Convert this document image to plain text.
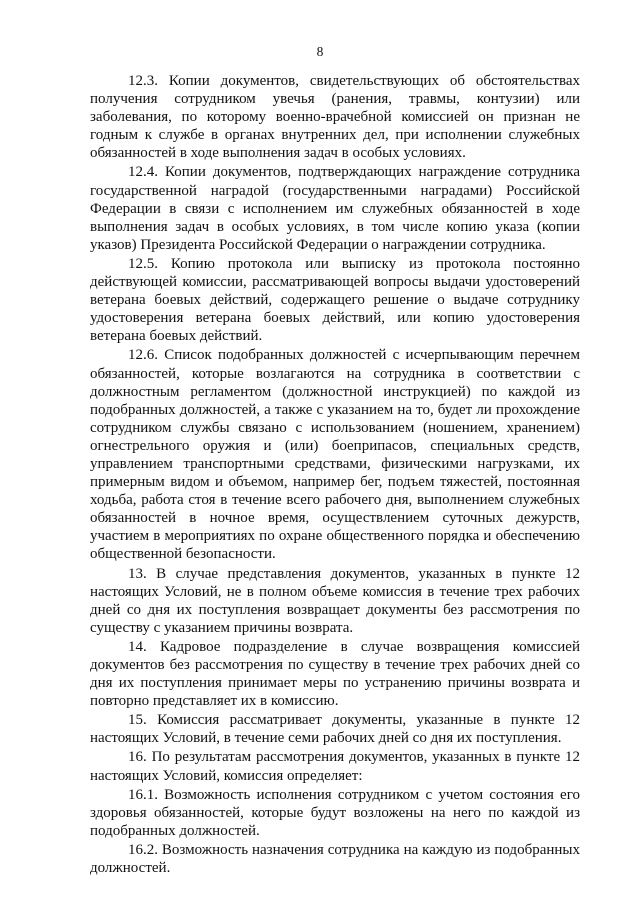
8

12.3. Копии документов, свидетельствующих об обстоятельствах получения сотрудником увечья (ранения, травмы, контузии) или заболевания, по которому военно-врачебной комиссией он признан не годным к службе в органах внутренних дел, при исполнении служебных обязанностей в ходе выполнения задач в особых условиях.

12.4. Копии документов, подтверждающих награждение сотрудника государственной наградой (государственными наградами) Российской Федерации в связи с исполнением им служебных обязанностей в ходе выполнения задач в особых условиях, в том числе копию указа (копии указов) Президента Российской Федерации о награждении сотрудника.

12.5. Копию протокола или выписку из протокола постоянно действующей комиссии, рассматривающей вопросы выдачи удостоверений ветерана боевых действий, содержащего решение о выдаче сотруднику удостоверения ветерана боевых действий, или копию удостоверения ветерана боевых действий.

12.6. Список подобранных должностей с исчерпывающим перечнем обязанностей, которые возлагаются на сотрудника в соответствии с должностным регламентом (должностной инструкцией) по каждой из подобранных должностей, а также с указанием на то, будет ли прохождение сотрудником службы связано с использованием (ношением, хранением) огнестрельного оружия и (или) боеприпасов, специальных средств, управлением транспортными средствами, физическими нагрузками, их примерным видом и объемом, например бег, подъем тяжестей, постоянная ходьба, работа стоя в течение всего рабочего дня, выполнением служебных обязанностей в ночное время, осуществлением суточных дежурств, участием в мероприятиях по охране общественного порядка и обеспечению общественной безопасности.

13. В случае представления документов, указанных в пункте 12 настоящих Условий, не в полном объеме комиссия в течение трех рабочих дней со дня их поступления возвращает документы без рассмотрения по существу с указанием причины возврата.

14. Кадровое подразделение в случае возвращения комиссией документов без рассмотрения по существу в течение трех рабочих дней со дня их поступления принимает меры по устранению причины возврата и повторно представляет их в комиссию.

15. Комиссия рассматривает документы, указанные в пункте 12 настоящих Условий, в течение семи рабочих дней со дня их поступления.

16. По результатам рассмотрения документов, указанных в пункте 12 настоящих Условий, комиссия определяет:

16.1. Возможность исполнения сотрудником с учетом состояния его здоровья обязанностей, которые будут возложены на него по каждой из подобранных должностей.

16.2. Возможность назначения сотрудника на каждую из подобранных должностей.
